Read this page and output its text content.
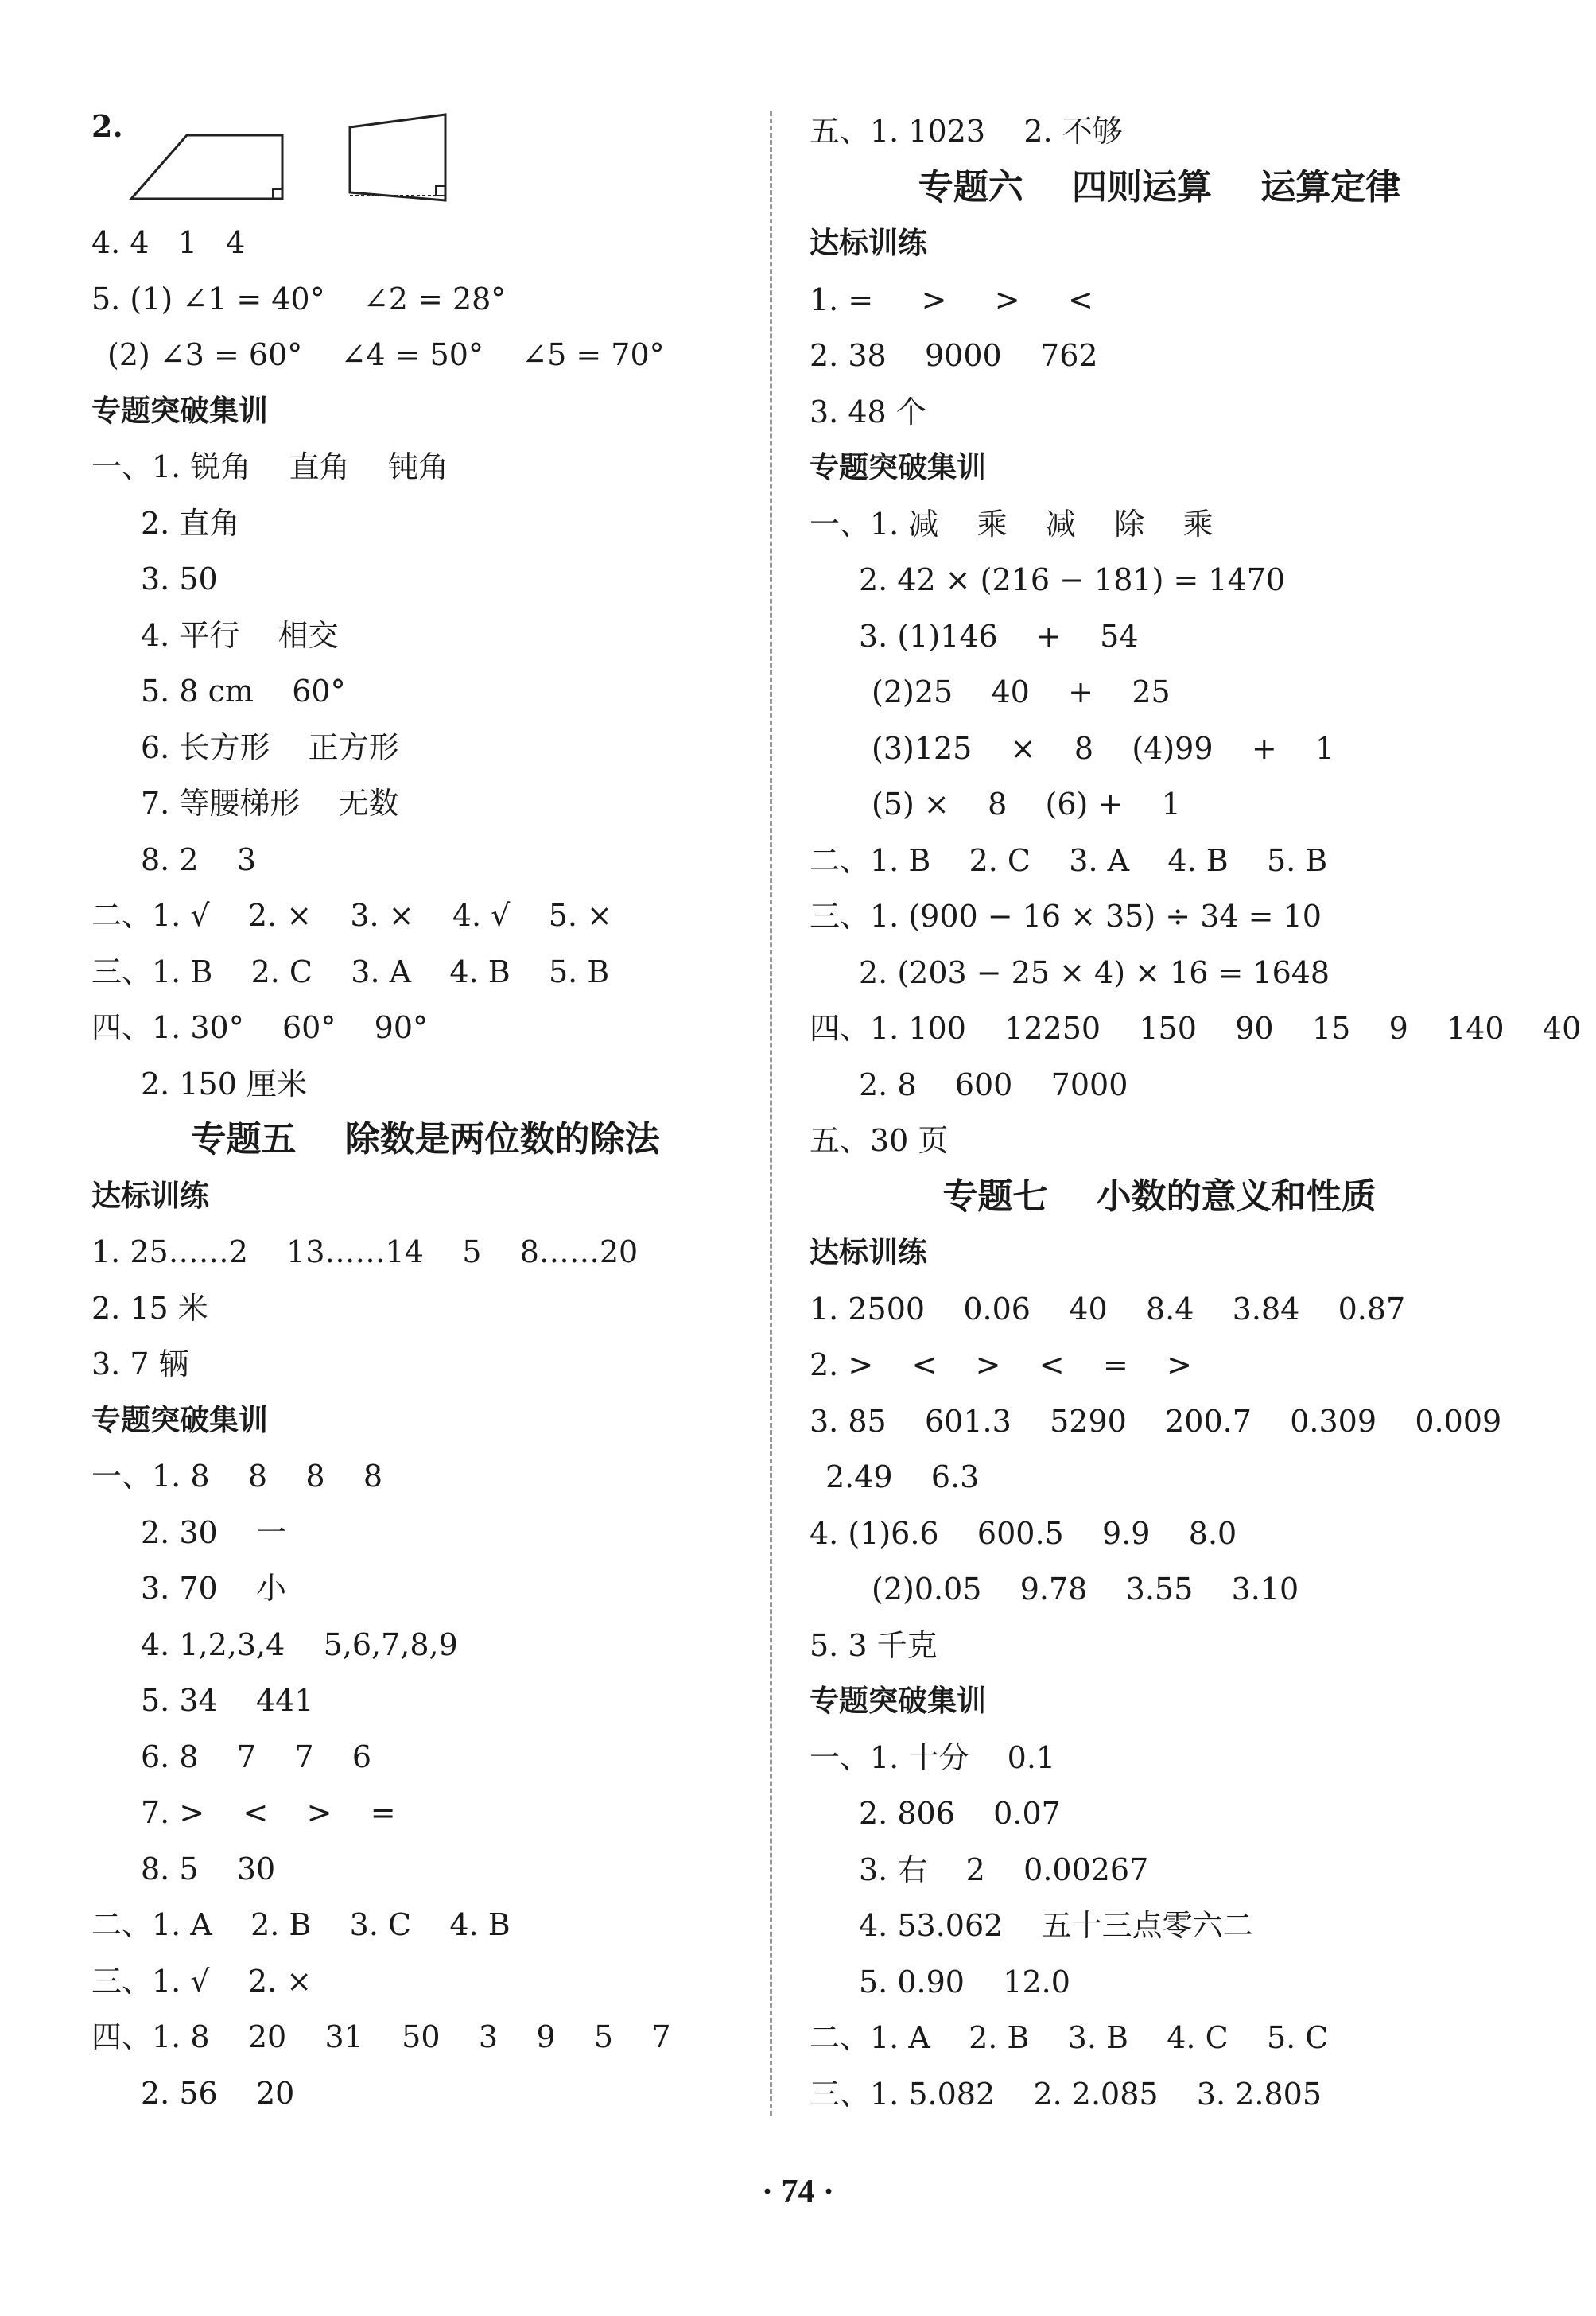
2.
4. 4   1   4
5. (1) ∠1 = 40°    ∠2 = 28°
(2) ∠3 = 60°    ∠4 = 50°    ∠5 = 70°
专题突破集训
一、1. 锐角    直角    钝角
2. 直角
3. 50
4. 平行    相交
5. 8 cm    60°
6. 长方形    正方形
7. 等腰梯形    无数
8. 2    3
二、1. √    2. ×    3. ×    4. √    5. ×
三、1. B    2. C    3. A    4. B    5. B
四、1. 30°    60°    90°
2. 150 厘米
专题五    除数是两位数的除法
达标训练
1. 25……2    13……14    5    8……20
2. 15 米
3. 7 辆
专题突破集训
一、1. 8    8    8    8
2. 30    一
3. 70    小
4. 1,2,3,4    5,6,7,8,9
5. 34    441
6. 8    7    7    6
7. >    <    >    =
8. 5    30
二、1. A    2. B    3. C    4. B
三、1. √    2. ×
四、1. 8    20    31    50    3    9    5    7
2. 56    20
五、1. 1023    2. 不够
专题六    四则运算    运算定律
达标训练
1. =     >     >     <
2. 38    9000    762
3. 48 个
专题突破集训
一、1. 减    乘    减    除    乘
2. 42 × (216 − 181) = 1470
3. (1)146    +    54
(2)25    40    +    25
(3)125    ×    8    (4)99    +    1
(5) ×    8    (6) +    1
二、1. B    2. C    3. A    4. B    5. B
三、1. (900 − 16 × 35) ÷ 34 = 10
2. (203 − 25 × 4) × 16 = 1648
四、1. 100    12250    150    90    15    9    140    40
2. 8    600    7000
五、30 页
专题七    小数的意义和性质
达标训练
1. 2500    0.06    40    8.4    3.84    0.87
2. >    <    >    <    =    >
3. 85    601.3    5290    200.7    0.309    0.009
2.49    6.3
4. (1)6.6    600.5    9.9    8.0
(2)0.05    9.78    3.55    3.10
5. 3 千克
专题突破集训
一、1. 十分    0.1
2. 806    0.07
3. 右    2    0.00267
4. 53.062    五十三点零六二
5. 0.90    12.0
二、1. A    2. B    3. B    4. C    5. C
三、1. 5.082    2. 2.085    3. 2.805
· 74 ·
